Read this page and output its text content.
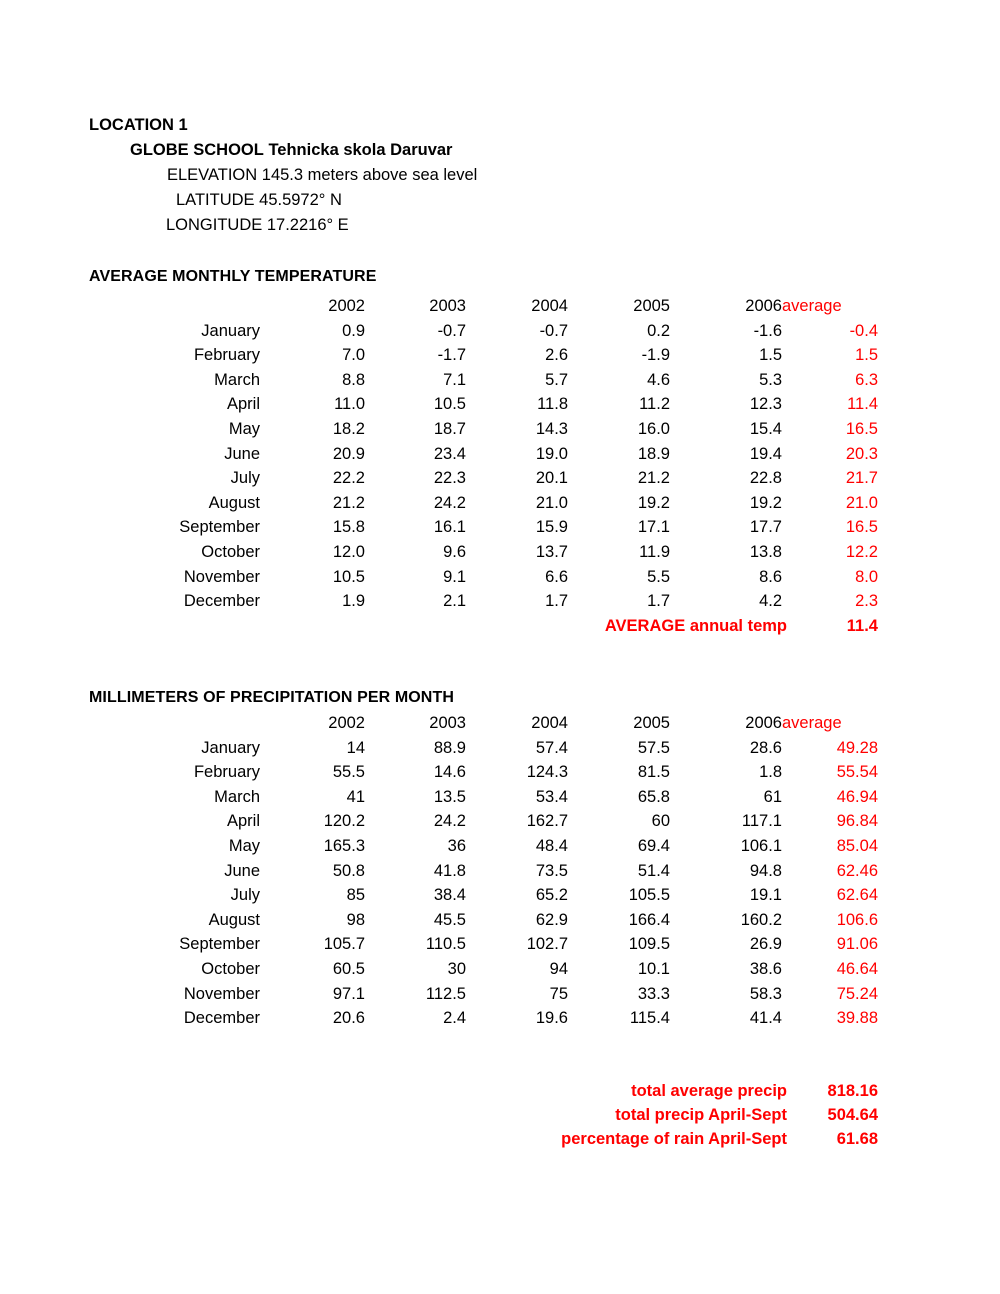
LOCATION 1
GLOBE SCHOOL Tehnicka skola Daruvar
ELEVATION 145.3 meters above sea level
LATITUDE 45.5972° N
LONGITUDE 17.2216° E
AVERAGE MONTHLY TEMPERATURE
	2002	2003	2004	2005	2006	average
January	0.9	-0.7	-0.7	0.2	-1.6	-0.4
February	7.0	-1.7	2.6	-1.9	1.5	1.5
March	8.8	7.1	5.7	4.6	5.3	6.3
April	11.0	10.5	11.8	11.2	12.3	11.4
May	18.2	18.7	14.3	16.0	15.4	16.5
June	20.9	23.4	19.0	18.9	19.4	20.3
July	22.2	22.3	20.1	21.2	22.8	21.7
August	21.2	24.2	21.0	19.2	19.2	21.0
September	15.8	16.1	15.9	17.1	17.7	16.5
October	12.0	9.6	13.7	11.9	13.8	12.2
November	10.5	9.1	6.6	5.5	8.6	8.0
December	1.9	2.1	1.7	1.7	4.2	2.3
AVERAGE annual temp	11.4
MILLIMETERS OF PRECIPITATION PER MONTH
	2002	2003	2004	2005	2006	average
January	14	88.9	57.4	57.5	28.6	49.28
February	55.5	14.6	124.3	81.5	1.8	55.54
March	41	13.5	53.4	65.8	61	46.94
April	120.2	24.2	162.7	60	117.1	96.84
May	165.3	36	48.4	69.4	106.1	85.04
June	50.8	41.8	73.5	51.4	94.8	62.46
July	85	38.4	65.2	105.5	19.1	62.64
August	98	45.5	62.9	166.4	160.2	106.6
September	105.7	110.5	102.7	109.5	26.9	91.06
October	60.5	30	94	10.1	38.6	46.64
November	97.1	112.5	75	33.3	58.3	75.24
December	20.6	2.4	19.6	115.4	41.4	39.88
total average precip 818.16
total precip April-Sept 504.64
percentage of rain April-Sept	61.68
